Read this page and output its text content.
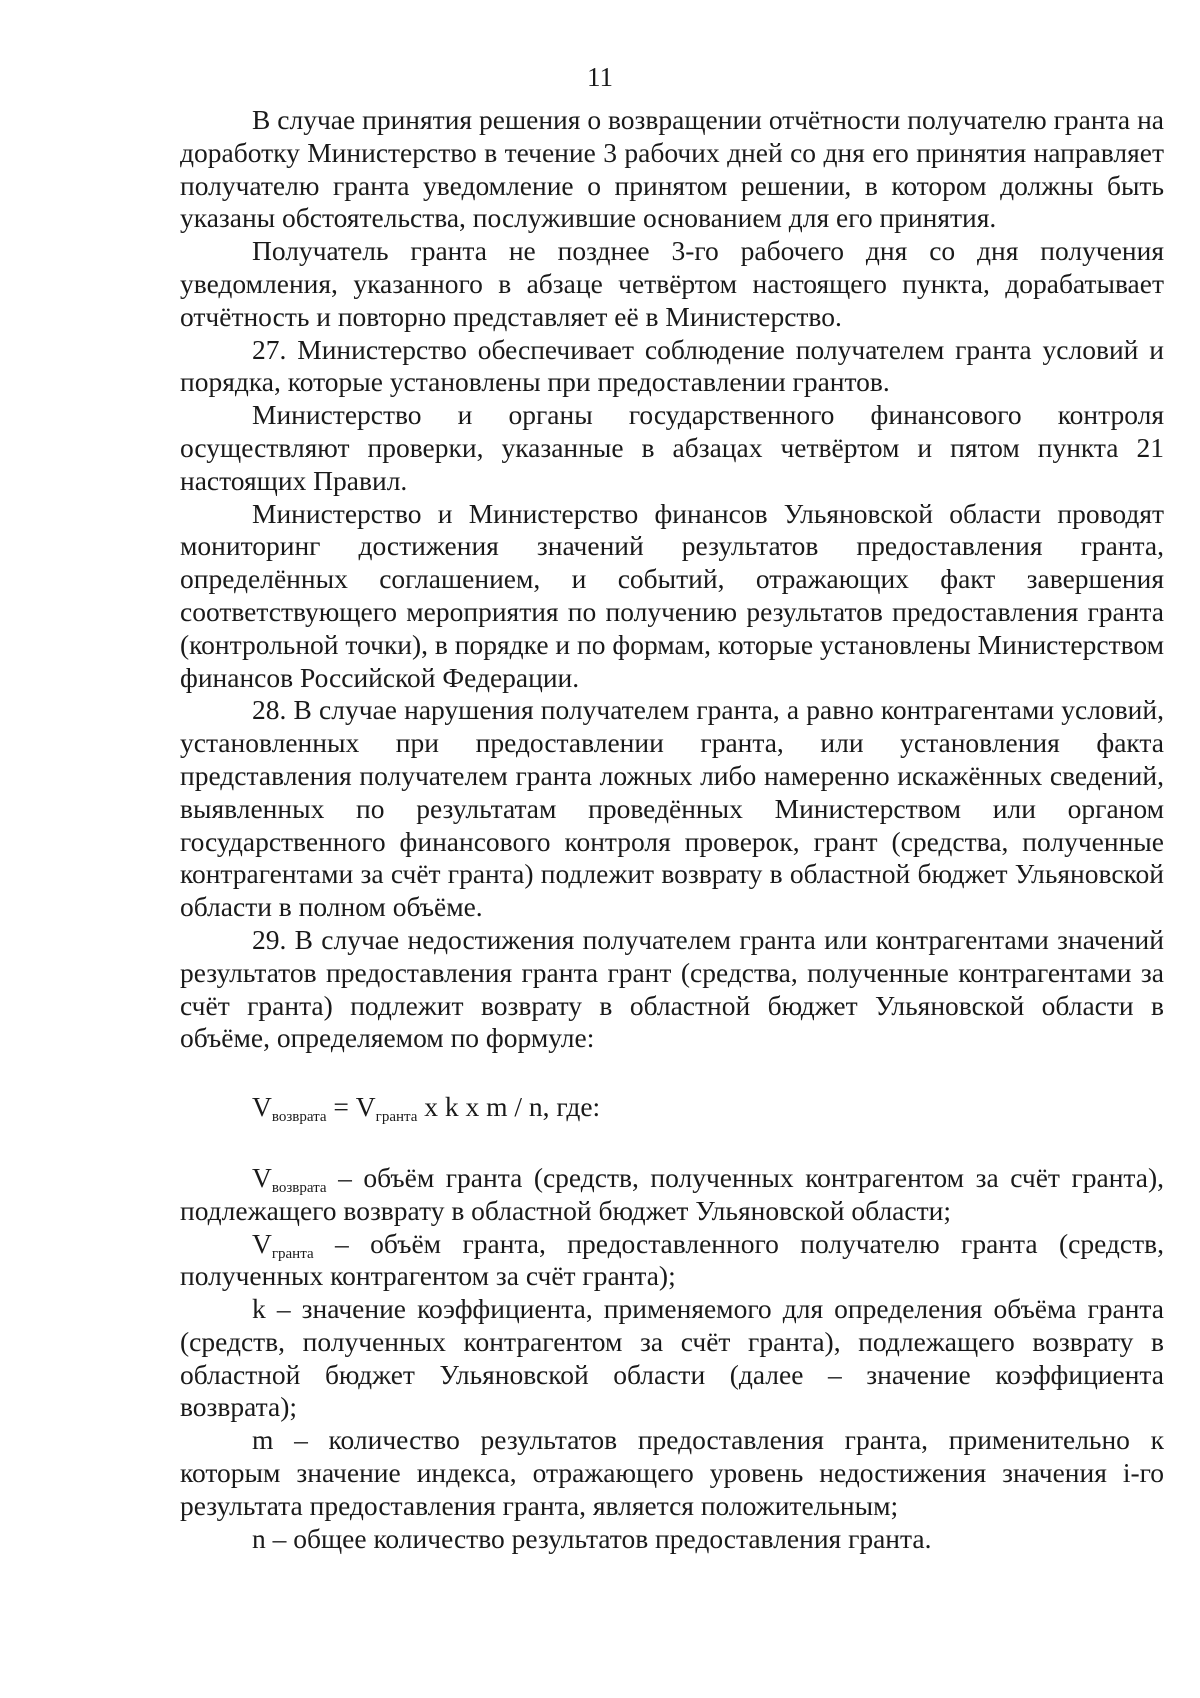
11

В случае принятия решения о возвращении отчётности получателю гранта на доработку Министерство в течение 3 рабочих дней со дня его принятия направляет получателю гранта уведомление о принятом решении, в котором должны быть указаны обстоятельства, послужившие основанием для его принятия.

Получатель гранта не позднее 3-го рабочего дня со дня получения уведомления, указанного в абзаце четвёртом настоящего пункта, дорабатывает отчётность и повторно представляет её в Министерство.

27. Министерство обеспечивает соблюдение получателем гранта условий и порядка, которые установлены при предоставлении грантов.

Министерство и органы государственного финансового контроля осуществляют проверки, указанные в абзацах четвёртом и пятом пункта 21 настоящих Правил.

Министерство и Министерство финансов Ульяновской области проводят мониторинг достижения значений результатов предоставления гранта, определённых соглашением, и событий, отражающих факт завершения соответствующего мероприятия по получению результатов предоставления гранта (контрольной точки), в порядке и по формам, которые установлены Министерством финансов Российской Федерации.

28. В случае нарушения получателем гранта, а равно контрагентами условий, установленных при предоставлении гранта, или установления факта представления получателем гранта ложных либо намеренно искажённых сведений, выявленных по результатам проведённых Министерством или органом государственного финансового контроля проверок, грант (средства, полученные контрагентами за счёт гранта) подлежит возврату в областной бюджет Ульяновской области в полном объёме.

29. В случае недостижения получателем гранта или контрагентами значений результатов предоставления гранта грант (средства, полученные контрагентами за счёт гранта) подлежит возврату в областной бюджет Ульяновской области в объёме, определяемом по формуле:

$V_{возврата} = V_{гранта}$ x k x m / n, где:

$V_{возврата}$ – объём гранта (средств, полученных контрагентом за счёт гранта), подлежащего возврату в областной бюджет Ульяновской области;

$V_{гранта}$ – объём гранта, предоставленного получателю гранта (средств, полученных контрагентом за счёт гранта);

k – значение коэффициента, применяемого для определения объёма гранта (средств, полученных контрагентом за счёт гранта), подлежащего возврату в областной бюджет Ульяновской области (далее – значение коэффициента возврата);

m – количество результатов предоставления гранта, применительно к которым значение индекса, отражающего уровень недостижения значения i-го результата предоставления гранта, является положительным;

n – общее количество результатов предоставления гранта.
